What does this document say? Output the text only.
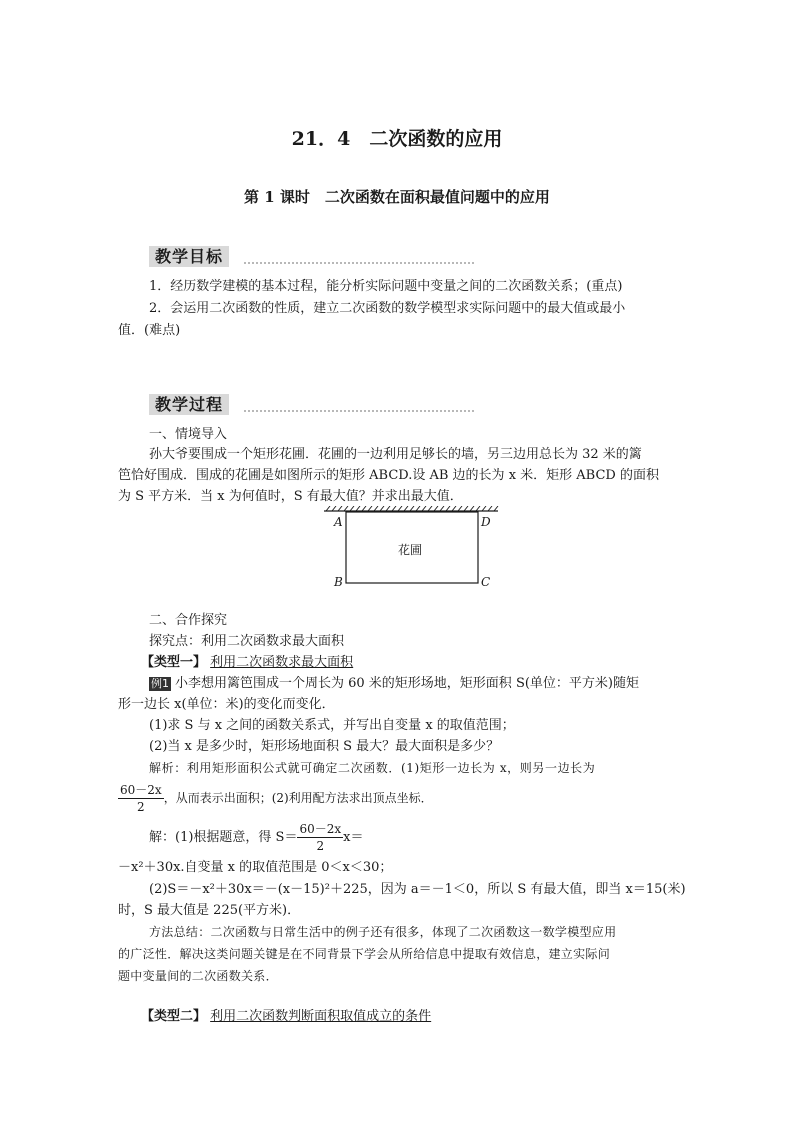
21．4　二次函数的应用
第 1 课时　二次函数在面积最值问题中的应用
教学目标
1．经历数学建模的基本过程，能分析实际问题中变量之间的二次函数关系；(重点)
2．会运用二次函数的性质，建立二次函数的数学模型求实际问题中的最大值或最小
值．(难点)
教学过程
一、情境导入
孙大爷要围成一个矩形花圃．花圃的一边利用足够长的墙，另三边用总长为 32 米的篱
笆恰好围成．围成的花圃是如图所示的矩形 ABCD.设 AB 边的长为 x 米．矩形 ABCD 的面积
为 S 平方米．当 x 为何值时，S 有最大值？并求出最大值．
A	D
B	C
花圃
二、合作探究
探究点：利用二次函数求最大面积
【类型一】 利用二次函数求最大面积
例1 小李想用篱笆围成一个周长为 60 米的矩形场地，矩形面积 S(单位：平方米)随矩
形一边长 x(单位：米)的变化而变化．
(1)求 S 与 x 之间的函数关系式，并写出自变量 x 的取值范围；
(2)当 x 是多少时，矩形场地面积 S 最大？最大面积是多少？
解析：利用矩形面积公式就可确定二次函数．(1)矩形一边长为 x，则另一边长为
$\frac{60-2x}{2}$ ，从而表示出面积；(2)利用配方法求出顶点坐标．
解：(1)根据题意，得 $S= \frac{60-2x}{2} x=$
－x²＋30x.自变量 x 的取值范围是 0＜x＜30；
(2)S＝－x²＋30x＝－(x－15)²＋225，因为 a＝－1＜0，所以 S 有最大值，即当 x＝15(米)
时，S 最大值是 225(平方米)．
方法总结：二次函数与日常生活中的例子还有很多，体现了二次函数这一数学模型应用
的广泛性．解决这类问题关键是在不同背景下学会从所给信息中提取有效信息，建立实际问
题中变量间的二次函数关系．
【类型二】 利用二次函数判断面积取值成立的条件
